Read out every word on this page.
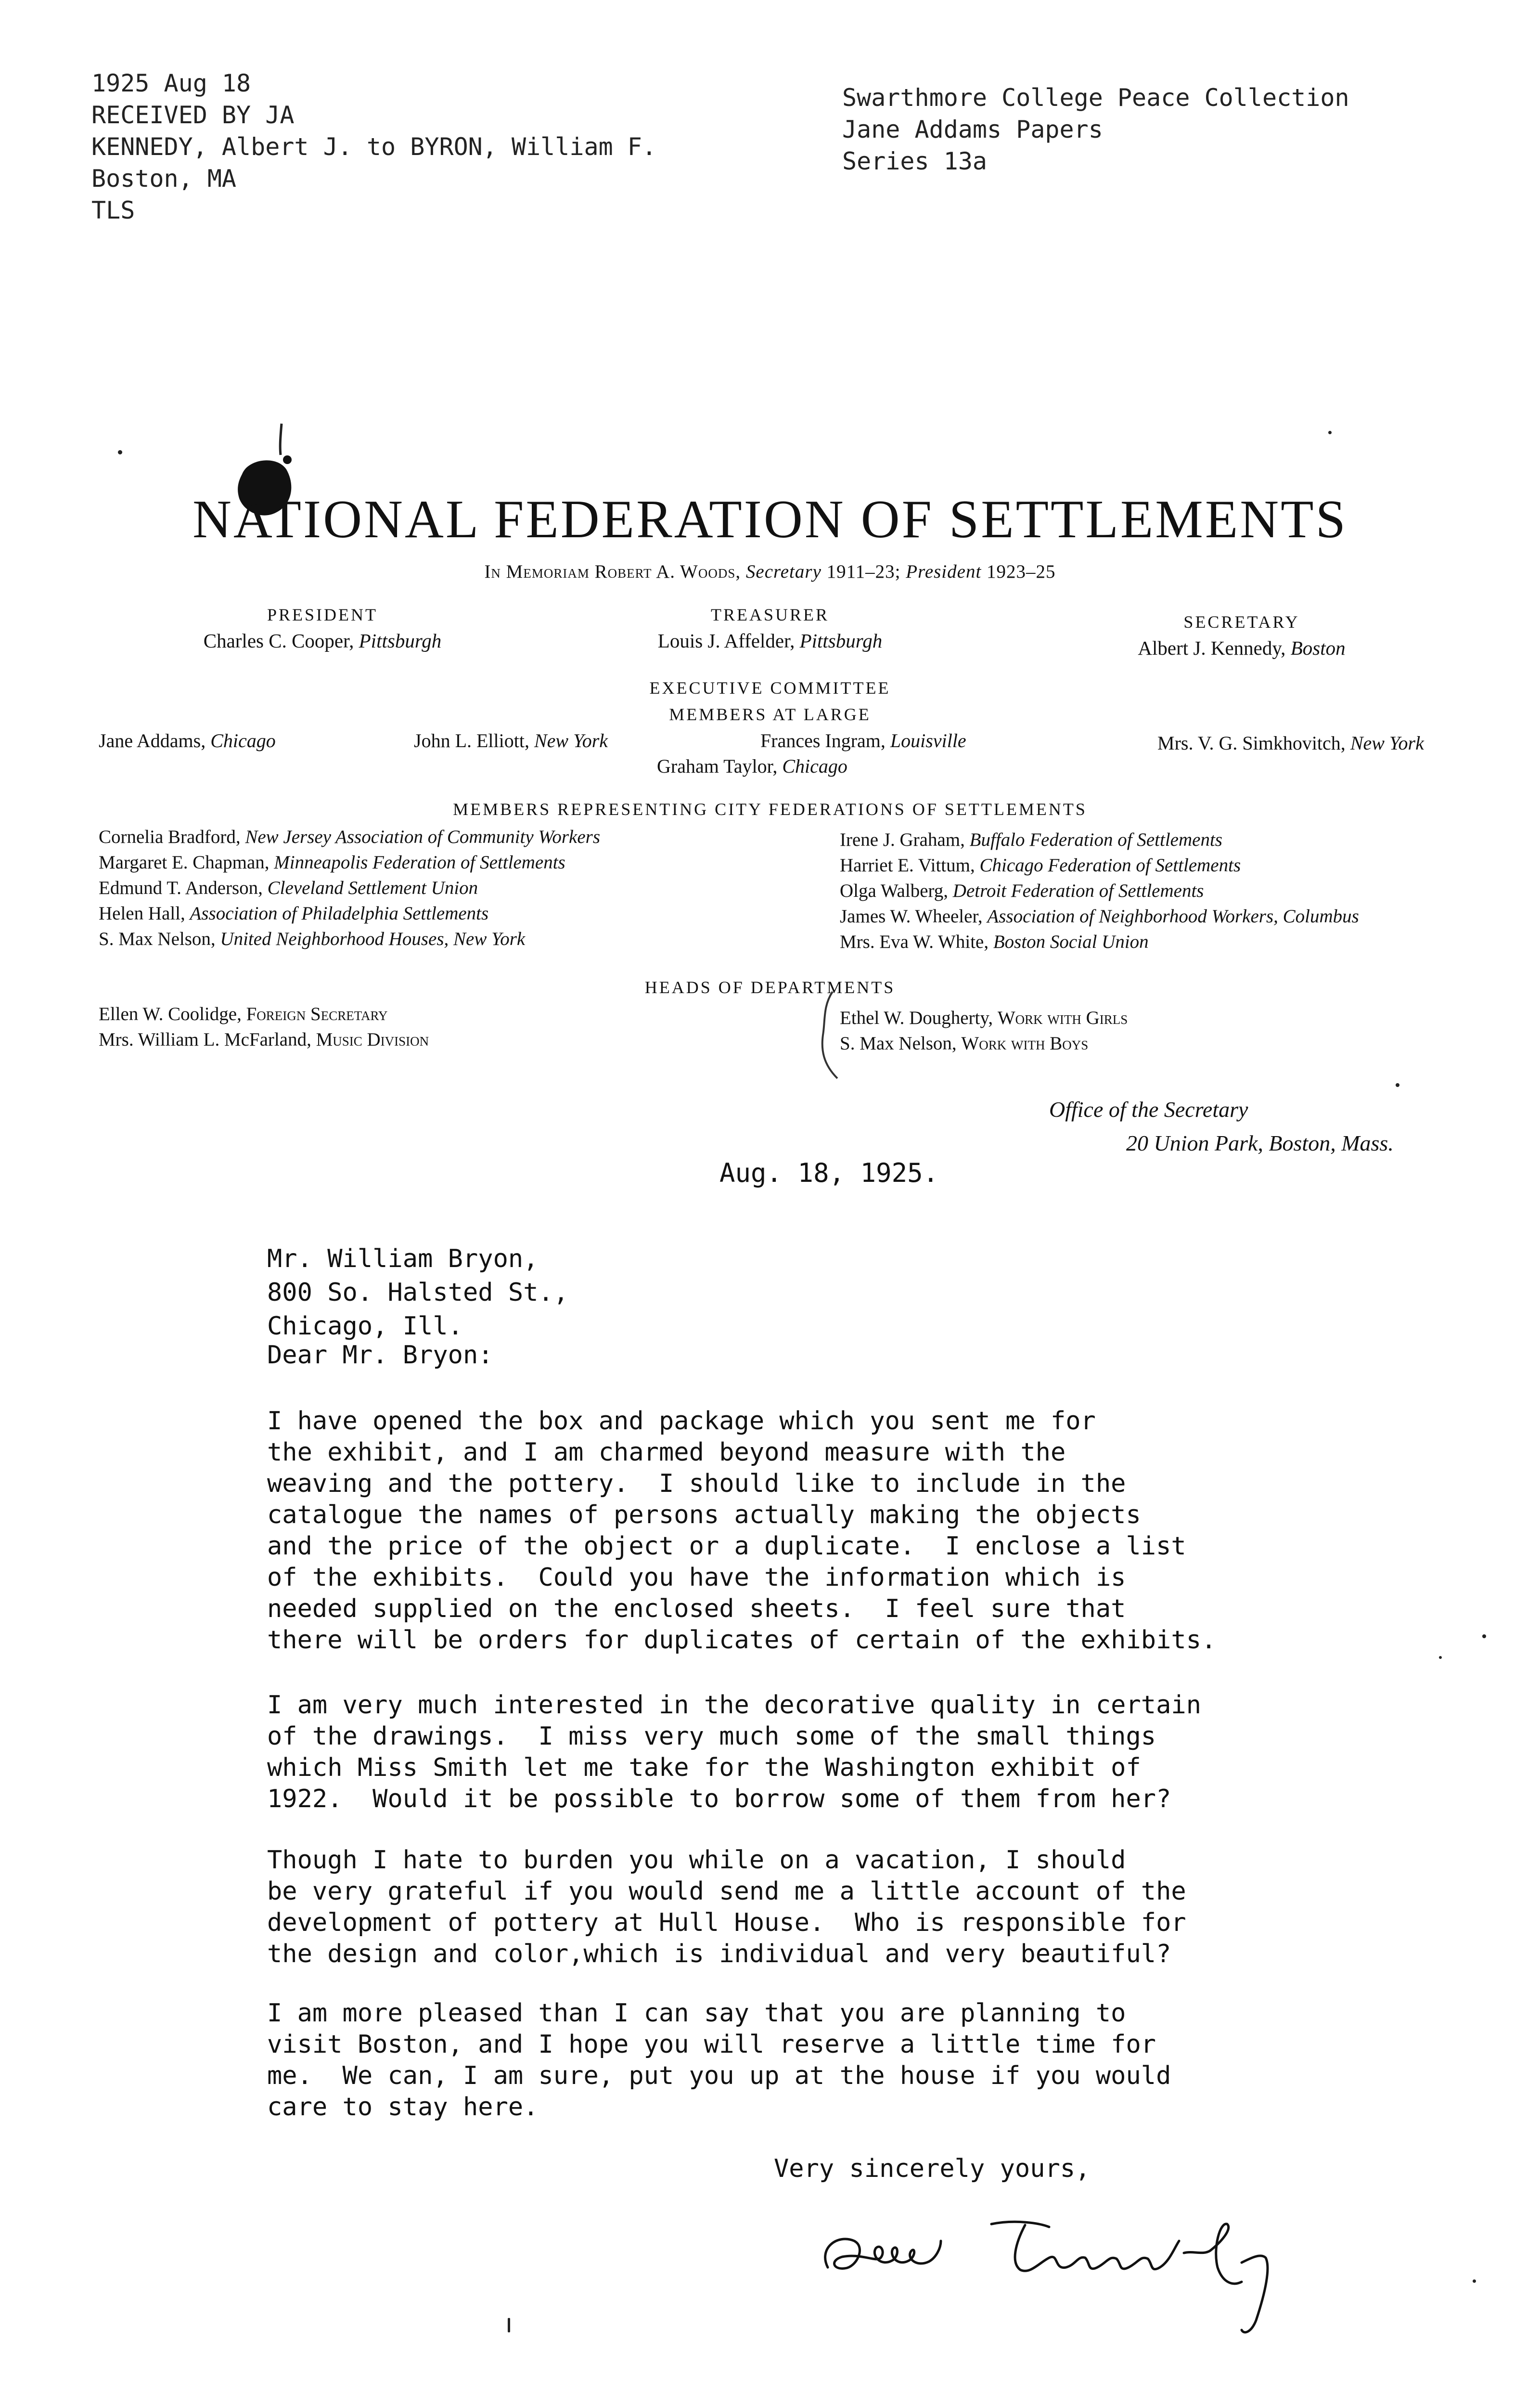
1925 Aug 18
RECEIVED BY JA
KENNEDY, Albert J. to BYRON, William F.
Boston, MA
TLS
Swarthmore College Peace Collection
Jane Addams Papers
Series 13a
NATIONAL FEDERATION OF SETTLEMENTS
In Memoriam Robert A. Woods, Secretary 1911–23; President 1923–25
PRESIDENT
Charles C. Cooper, Pittsburgh
TREASURER
Louis J. Affelder, Pittsburgh
SECRETARY
Albert J. Kennedy, Boston
EXECUTIVE COMMITTEE
MEMBERS AT LARGE
Jane Addams, Chicago	John L. Elliott, New York	Frances Ingram, Louisville	Mrs. V. G. Simkhovitch, New York
Graham Taylor, Chicago
MEMBERS REPRESENTING CITY FEDERATIONS OF SETTLEMENTS
Cornelia Bradford, New Jersey Association of Community Workers
Margaret E. Chapman, Minneapolis Federation of Settlements
Edmund T. Anderson, Cleveland Settlement Union
Helen Hall, Association of Philadelphia Settlements
S. Max Nelson, United Neighborhood Houses, New York
Irene J. Graham, Buffalo Federation of Settlements
Harriet E. Vittum, Chicago Federation of Settlements
Olga Walberg, Detroit Federation of Settlements
James W. Wheeler, Association of Neighborhood Workers, Columbus
Mrs. Eva W. White, Boston Social Union
HEADS OF DEPARTMENTS
Ellen W. Coolidge, Foreign Secretary
Mrs. William L. McFarland, Music Division
Ethel W. Dougherty, Work with Girls
S. Max Nelson, Work with Boys
Office of the Secretary
20 Union Park, Boston, Mass.
Aug. 18, 1925.
Mr. William Bryon,
800 So. Halsted St.,
Chicago, Ill.
Dear Mr. Bryon:
I have opened the box and package which you sent me for
the exhibit, and I am charmed beyond measure with the
weaving and the pottery.  I should like to include in the
catalogue the names of persons actually making the objects
and the price of the object or a duplicate.  I enclose a list
of the exhibits.  Could you have the information which is
needed supplied on the enclosed sheets.  I feel sure that
there will be orders for duplicates of certain of the exhibits.
I am very much interested in the decorative quality in certain
of the drawings.  I miss very much some of the small things
which Miss Smith let me take for the Washington exhibit of
1922.  Would it be possible to borrow some of them from her?
Though I hate to burden you while on a vacation, I should
be very grateful if you would send me a little account of the
development of pottery at Hull House.  Who is responsible for
the design and color,which is individual and very beautiful?
I am more pleased than I can say that you are planning to
visit Boston, and I hope you will reserve a little time for
me.  We can, I am sure, put you up at the house if you would
care to stay here.
Very sincerely yours,
